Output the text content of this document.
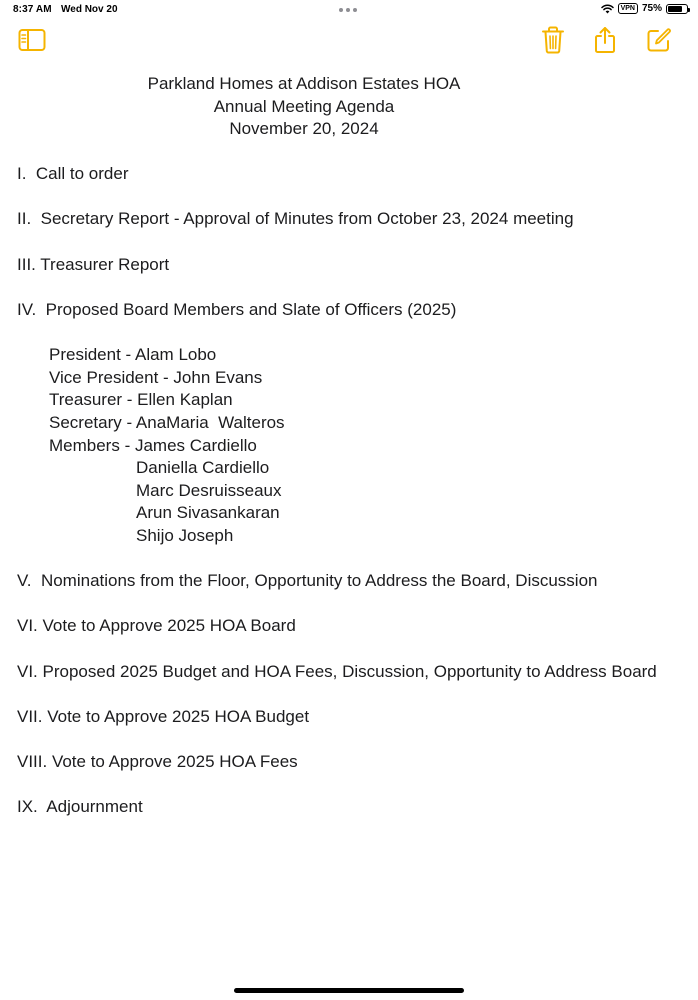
8:37 AM Wed Nov 20	VPN 75%
Parkland Homes at Addison Estates HOA
Annual Meeting Agenda
November 20, 2024
I.  Call to order
II.  Secretary Report - Approval of Minutes from October 23, 2024 meeting
III. Treasurer Report
IV.  Proposed Board Members and Slate of Officers (2025)
President - Alam Lobo
Vice President - John Evans
Treasurer - Ellen Kaplan
Secretary - AnaMaria  Walteros
Members - James Cardiello
Daniella Cardiello
Marc Desruisseaux
Arun Sivasankaran
Shijo Joseph
V.  Nominations from the Floor, Opportunity to Address the Board, Discussion
VI. Vote to Approve 2025 HOA Board
VI. Proposed 2025 Budget and HOA Fees, Discussion, Opportunity to Address Board
VII. Vote to Approve 2025 HOA Budget
VIII. Vote to Approve 2025 HOA Fees
IX.  Adjournment
